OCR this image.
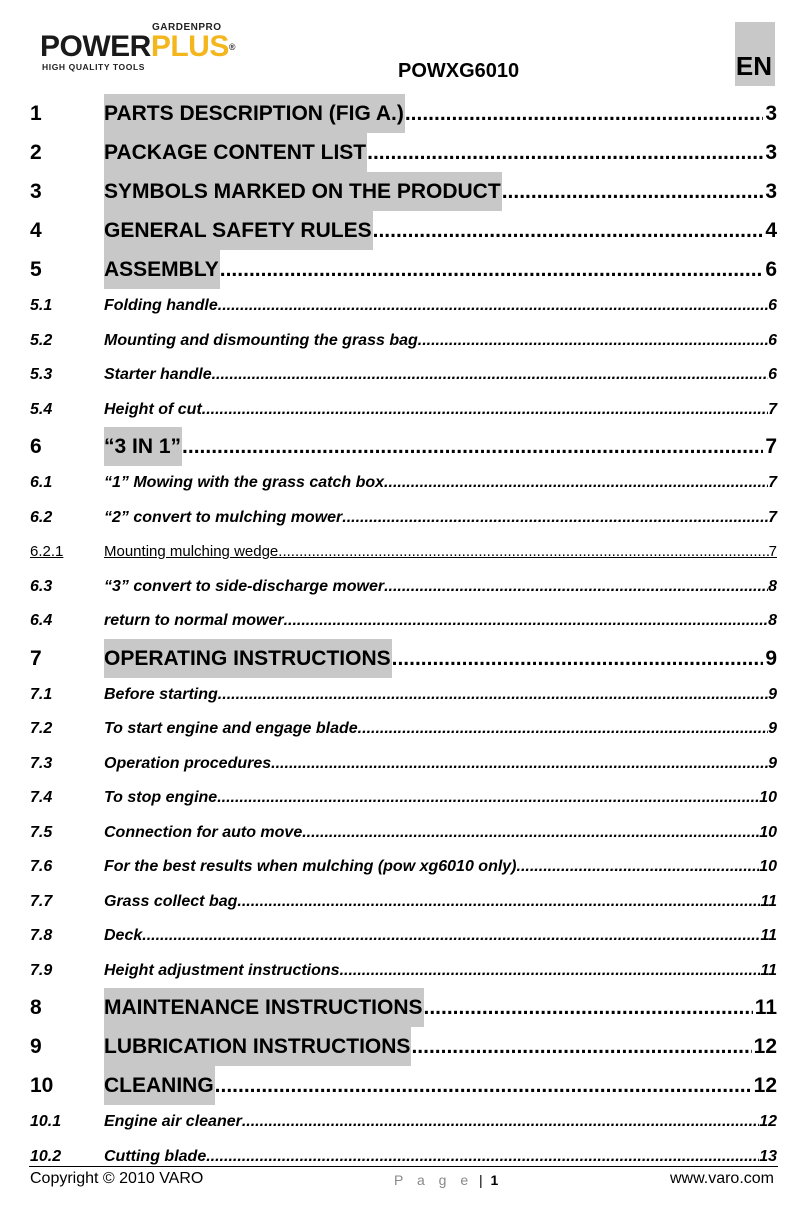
GARDENPRO
POWERPLUS®
HIGH QUALITY TOOLS	POWXG6010	EN
1	PARTS DESCRIPTION (FIG A.) .....	3
2	PACKAGE CONTENT LIST .....	3
3	SYMBOLS MARKED ON THE PRODUCT .....	3
4	GENERAL SAFETY RULES .....	4
5	ASSEMBLY .....	6
5.1	Folding handle .....	6
5.2	Mounting and dismounting the grass bag .....	6
5.3	Starter handle .....	6
5.4	Height of cut .....	7
6	“3 IN 1” .....	7
6.1	“1” Mowing with the grass catch box .....	7
6.2	“2” convert to mulching mower .....	7
6.2.1	Mounting mulching wedge .....	7
6.3	“3” convert to side-discharge mower .....	8
6.4	return to normal mower .....	8
7	OPERATING INSTRUCTIONS .....	9
7.1	Before starting .....	9
7.2	To start engine and engage blade .....	9
7.3	Operation procedures .....	9
7.4	To stop engine .....	10
7.5	Connection for auto move .....	10
7.6	For the best results when mulching (pow xg6010 only) .....	10
7.7	Grass collect bag .....	11
7.8	Deck .....	11
7.9	Height adjustment instructions .....	11
8	MAINTENANCE INSTRUCTIONS .....	11
9	LUBRICATION INSTRUCTIONS .....	12
10	CLEANING .....	12
10.1	Engine air cleaner .....	12
10.2	Cutting blade .....	13
Copyright © 2010 VARO	P a g e | 1	www.varo.com
